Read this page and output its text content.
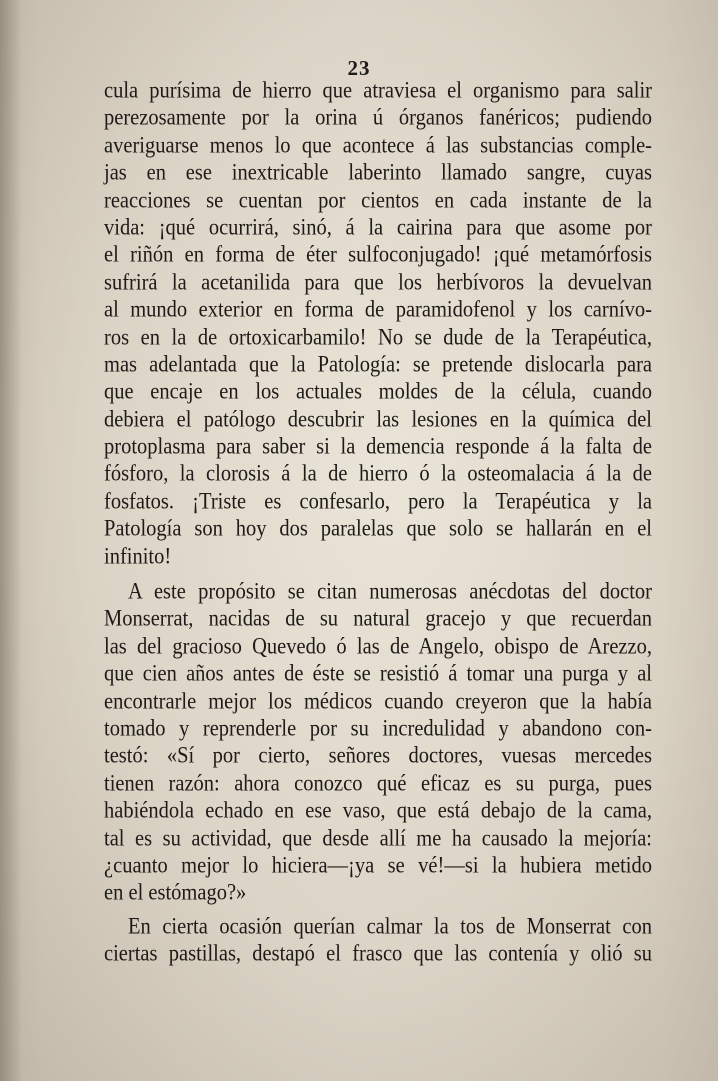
23
cula purísima de hierro que atraviesa el organismo para salir
perezosamente por la orina ú órganos fanéricos; pudiendo
averiguarse menos lo que acontece á las substancias comple-
jas en ese inextricable laberinto llamado sangre, cuyas
reacciones se cuentan por cientos en cada instante de la
vida: ¡qué ocurrirá, sinó, á la cairina para que asome por
el riñón en forma de éter sulfoconjugado! ¡qué metamórfosis
sufrirá la acetanilida para que los herbívoros la devuelvan
al mundo exterior en forma de paramidofenol y los carnívo-
ros en la de ortoxicarbamilo! No se dude de la Terapéutica,
mas adelantada que la Patología: se pretende dislocarla para
que encaje en los actuales moldes de la célula, cuando
debiera el patólogo descubrir las lesiones en la química del
protoplasma para saber si la demencia responde á la falta de
fósforo, la clorosis á la de hierro ó la osteomalacia á la de
fosfatos. ¡Triste es confesarlo, pero la Terapéutica y la
Patología son hoy dos paralelas que solo se hallarán en el
infinito!
A este propósito se citan numerosas anécdotas del doctor
Monserrat, nacidas de su natural gracejo y que recuerdan
las del gracioso Quevedo ó las de Angelo, obispo de Arezzo,
que cien años antes de éste se resistió á tomar una purga y al
encontrarle mejor los médicos cuando creyeron que la había
tomado y reprenderle por su incredulidad y abandono con-
testó: «Sí por cierto, señores doctores, vuesas mercedes
tienen razón: ahora conozco qué eficaz es su purga, pues
habiéndola echado en ese vaso, que está debajo de la cama,
tal es su actividad, que desde allí me ha causado la mejoría:
¿cuanto mejor lo hiciera—¡ya se vé!—si la hubiera metido
en el estómago?»
En cierta ocasión querían calmar la tos de Monserrat con
ciertas pastillas, destapó el frasco que las contenía y olió su
